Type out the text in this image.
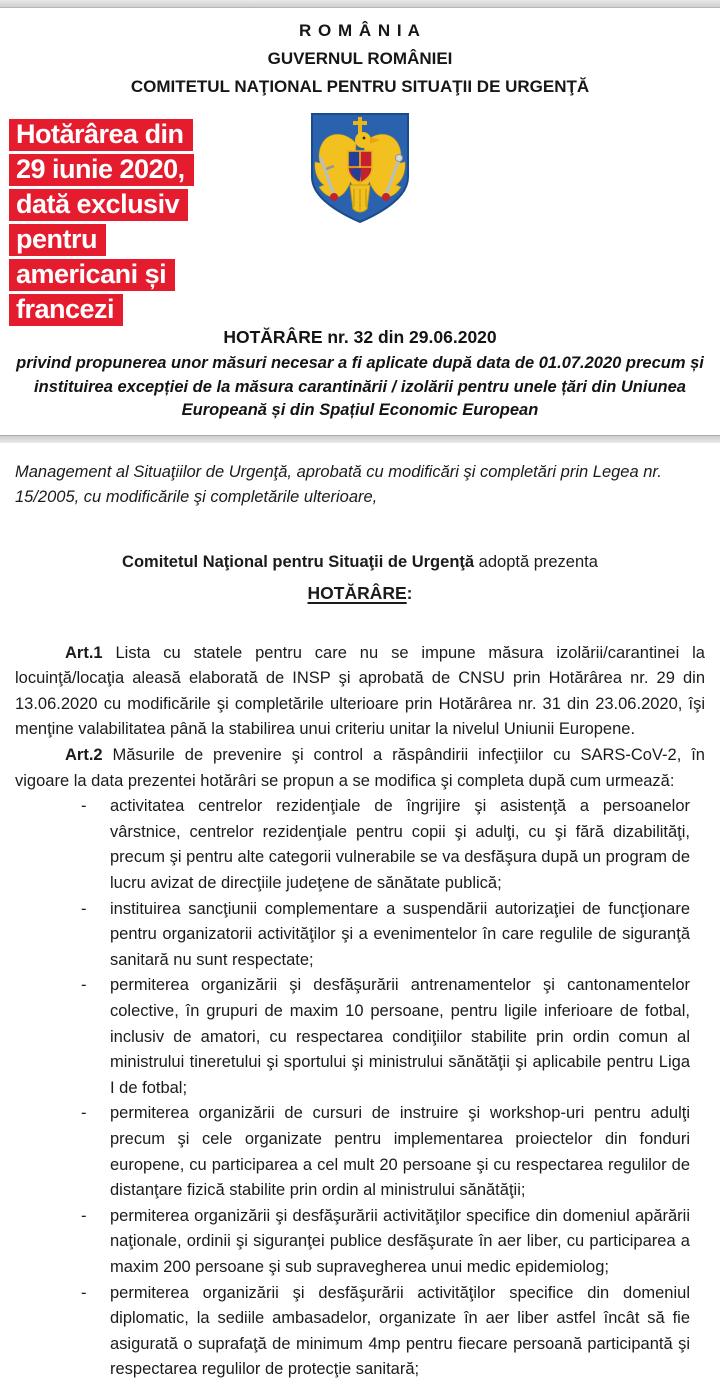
R O M Â N I A
GUVERNUL ROMÂNIEI
COMITETUL NAŢIONAL PENTRU SITUAŢII DE URGENŢĂ
Hotărârea din
29 iunie 2020,
dată exclusiv
pentru
americani și
francezi
HOTĂRÂRE nr. 32 din 29.06.2020
privind propunerea unor măsuri necesar a fi aplicate după data de 01.07.2020 precum și instituirea excepției de la măsura carantinării / izolării pentru unele țări din Uniunea Europeană și din Spațiul Economic European

Management al Situaţiilor de Urgenţă, aprobată cu modificări şi completări prin Legea nr. 15/2005, cu modificările şi completările ulterioare,

Comitetul Naţional pentru Situaţii de Urgenţă adoptă prezenta

HOTĂRÂRE:

Art.1 Lista cu statele pentru care nu se impune măsura izolării/carantinei la locuinţă/locaţia aleasă elaborată de INSP şi aprobată de CNSU prin Hotărârea nr. 29 din 13.06.2020 cu modificările şi completările ulterioare prin Hotărârea nr. 31 din 23.06.2020, îşi menţine valabilitatea până la stabilirea unui criteriu unitar la nivelul Uniunii Europene.

Art.2 Măsurile de prevenire şi control a răspândirii infecţiilor cu SARS-CoV-2, în vigoare la data prezentei hotărâri se propun a se modifica şi completa după cum urmează:

- activitatea centrelor rezidenţiale de îngrijire şi asistenţă a persoanelor vârstnice, centrelor rezidenţiale pentru copii şi adulţi, cu şi fără dizabilităţi, precum şi pentru alte categorii vulnerabile se va desfăşura după un program de lucru avizat de direcţiile judeţene de sănătate publică;
- instituirea sancţiunii complementare a suspendării autorizaţiei de funcţionare pentru organizatorii activităţilor şi a evenimentelor în care regulile de siguranţă sanitară nu sunt respectate;
- permiterea organizării şi desfăşurării antrenamentelor şi cantonamentelor colective, în grupuri de maxim 10 persoane, pentru ligile inferioare de fotbal, inclusiv de amatori, cu respectarea condiţiilor stabilite prin ordin comun al ministrului tineretului şi sportului şi ministrului sănătăţii şi aplicabile pentru Liga I de fotbal;
- permiterea organizării de cursuri de instruire şi workshop-uri pentru adulţi precum şi cele organizate pentru implementarea proiectelor din fonduri europene, cu participarea a cel mult 20 persoane şi cu respectarea regulilor de distanţare fizică stabilite prin ordin al ministrului sănătăţii;
- permiterea organizării şi desfăşurării activităţilor specifice din domeniul apărării naţionale, ordinii şi siguranţei publice desfăşurate în aer liber, cu participarea a maxim 200 persoane şi sub supravegherea unui medic epidemiolog;
- permiterea organizării şi desfăşurării activităţilor specifice din domeniul diplomatic, la sediile ambasadelor, organizate în aer liber astfel încât să fie asigurată o suprafaţă de minimum 4mp pentru fiecare persoană participantă şi respectarea regulilor de protecţie sanitară;
